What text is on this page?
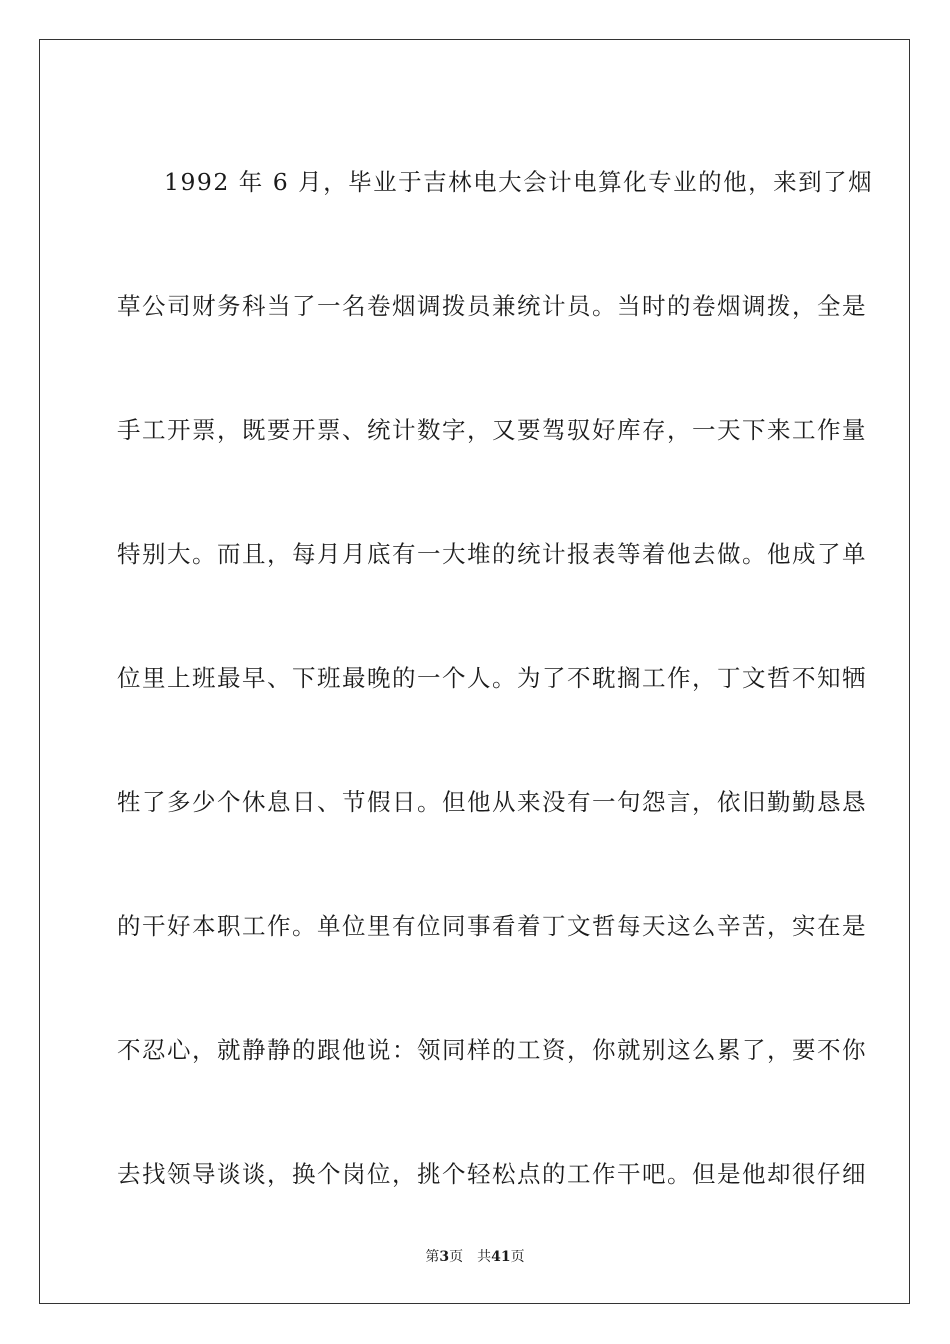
1992 年 6 月，毕业于吉林电大会计电算化专业的他，来到了烟
草公司财务科当了一名卷烟调拨员兼统计员。当时的卷烟调拨，全是
手工开票，既要开票、统计数字，又要驾驭好库存，一天下来工作量
特别大。而且，每月月底有一大堆的统计报表等着他去做。他成了单
位里上班最早、下班最晚的一个人。为了不耽搁工作，丁文哲不知牺
牲了多少个休息日、节假日。但他从来没有一句怨言，依旧勤勤恳恳
的干好本职工作。单位里有位同事看着丁文哲每天这么辛苦，实在是
不忍心，就静静的跟他说：领同样的工资，你就别这么累了，要不你
去找领导谈谈，换个岗位，挑个轻松点的工作干吧。但是他却很仔细
第3页 共41页
